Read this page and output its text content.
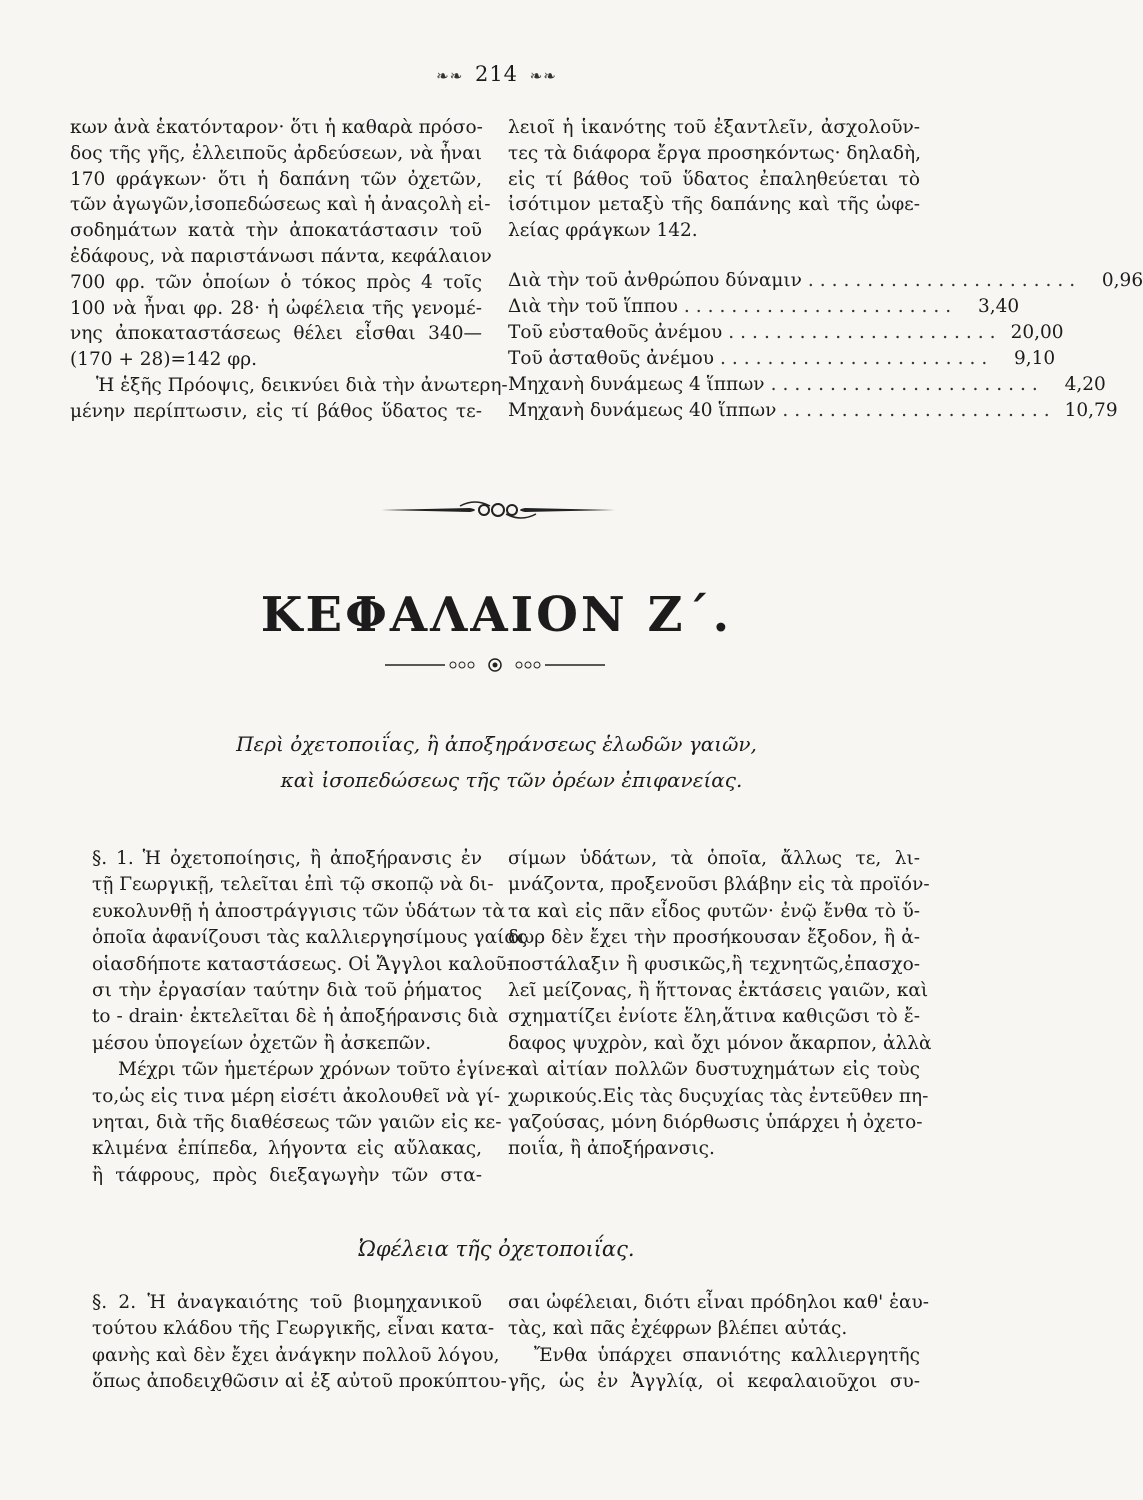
❧❧ 214 ❧❧
κων ἀνὰ ἑκατόνταρον· ὅτι ἡ καθαρὰ πρόσο-
δος τῆς γῆς, ἐλλειποῦς ἀρδεύσεων, νὰ ἦναι
170 φράγκων· ὅτι ἡ δαπάνη τῶν ὀχετῶν,
τῶν ἀγωγῶν,ἰσοπεδώσεως καὶ ἡ ἀναςολὴ εἰ-
σοδημάτων κατὰ τὴν ἀποκατάστασιν τοῦ
ἐδάφους, νὰ παριστάνωσι πάντα, κεφάλαιον
700 φρ. τῶν ὁποίων ὁ τόκος πρὸς 4 τοῖς
100 νὰ ἦναι φρ. 28· ἡ ὠφέλεια τῆς γενομέ-
νης ἀποκαταστάσεως θέλει εἶσθαι 340—
(170 + 28)=142 φρ.
Ἡ ἑξῆς Πρόοψις, δεικνύει διὰ τὴν ἀνωτερη-
μένην περίπτωσιν, εἰς τί βάθος ὕδατος τε-
λειοῖ ἡ ἱκανότης τοῦ ἐξαντλεῖν, ἀσχολοῦν-
τες τὰ διάφορα ἔργα προσηκόντως· δηλαδὴ,
εἰς τί βάθος τοῦ ὕδατος ἐπαληθεύεται τὸ
ἰσότιμον μεταξὺ τῆς δαπάνης καὶ τῆς ὠφε-
λείας φράγκων 142.
Διὰ τὴν τοῦ ἀνθρώπου δύναμιν .......................	0,96
Διὰ τὴν τοῦ ἵππου .......................	3,40
Τοῦ εὐσταθοῦς ἀνέμου ....................... 20,00
Τοῦ ἀσταθοῦς ἀνέμου .......................	9,10
Μηχανὴ δυνάμεως 4 ἵππων .......................	4,20
Μηχανὴ δυνάμεως 40 ἵππων ....................... 10,79
ΚΕΦΑΛΑΙΟΝ Ζ΄.
Περὶ ὀχετοποιΐας, ἢ ἀποξηράνσεως ἑλωδῶν γαιῶν,
καὶ ἰσοπεδώσεως τῆς τῶν ὀρέων ἐπιφανείας.
§. 1. Ἡ ὀχετοποίησις, ἢ ἀποξήρανσις ἐν
τῇ Γεωργικῇ, τελεῖται ἐπὶ τῷ σκοπῷ νὰ δι-
ευκολυνθῇ ἡ ἀποστράγγισις τῶν ὑδάτων τὰ
ὁποῖα ἀφανίζουσι τὰς καλλιεργησίμους γαίας
οἱασδήποτε καταστάσεως. Οἱ Ἄγγλοι καλοῦ-
σι τὴν ἐργασίαν ταύτην διὰ τοῦ ῥήματος
to - drain· ἐκτελεῖται δὲ ἡ ἀποξήρανσις διὰ
μέσου ὑπογείων ὀχετῶν ἢ ἀσκεπῶν.
Μέχρι τῶν ἡμετέρων χρόνων τοῦτο ἐγίνε-
το,ὡς εἰς τινα μέρη εἰσέτι ἀκολουθεῖ νὰ γί-
νηται, διὰ τῆς διαθέσεως τῶν γαιῶν εἰς κε-
κλιμένα ἐπίπεδα, λήγοντα εἰς αὔλακας,
ἢ τάφρους, πρὸς διεξαγωγὴν τῶν στα-
σίμων ὑδάτων, τὰ ὁποῖα, ἄλλως τε, λι-
μνάζοντα, προξενοῦσι βλάβην εἰς τὰ προϊόν-
τα καὶ εἰς πᾶν εἶδος φυτῶν· ἐνῷ ἔνθα τὸ ὕ-
δωρ δὲν ἔχει τὴν προσήκουσαν ἔξοδον, ἢ ἀ-
ποστάλαξιν ἢ φυσικῶς,ἢ τεχνητῶς,ἐπασχο-
λεῖ μείζονας, ἢ ἥττονας ἐκτάσεις γαιῶν, καὶ
σχηματίζει ἐνίοτε ἕλη,ἅτινα καθιςῶσι τὸ ἔ-
δαφος ψυχρὸν, καὶ ὄχι μόνον ἄκαρπον, ἀλλὰ
καὶ αἰτίαν πολλῶν δυστυχημάτων εἰς τοὺς
χωρικούς.Εἰς τὰς δυςυχίας τὰς ἐντεῦθεν πη-
γαζούσας, μόνη διόρθωσις ὑπάρχει ἡ ὀχετο-
ποιΐα, ἢ ἀποξήρανσις.
Ὠφέλεια τῆς ὀχετοποιΐας.
§. 2. Ἡ ἀναγκαιότης τοῦ βιομηχανικοῦ
τούτου κλάδου τῆς Γεωργικῆς, εἶναι κατα-
φανὴς καὶ δὲν ἔχει ἀνάγκην πολλοῦ λόγου,
ὅπως ἀποδειχθῶσιν αἱ ἐξ αὐτοῦ προκύπτου-
σαι ὠφέλειαι, διότι εἶναι πρόδηλοι καθ' ἑαυ-
τὰς, καὶ πᾶς ἐχέφρων βλέπει αὐτάς.
Ἔνθα ὑπάρχει σπανιότης καλλιεργητῆς
γῆς, ὡς ἐν Ἀγγλίᾳ, οἱ κεφαλαιοῦχοι συ-
